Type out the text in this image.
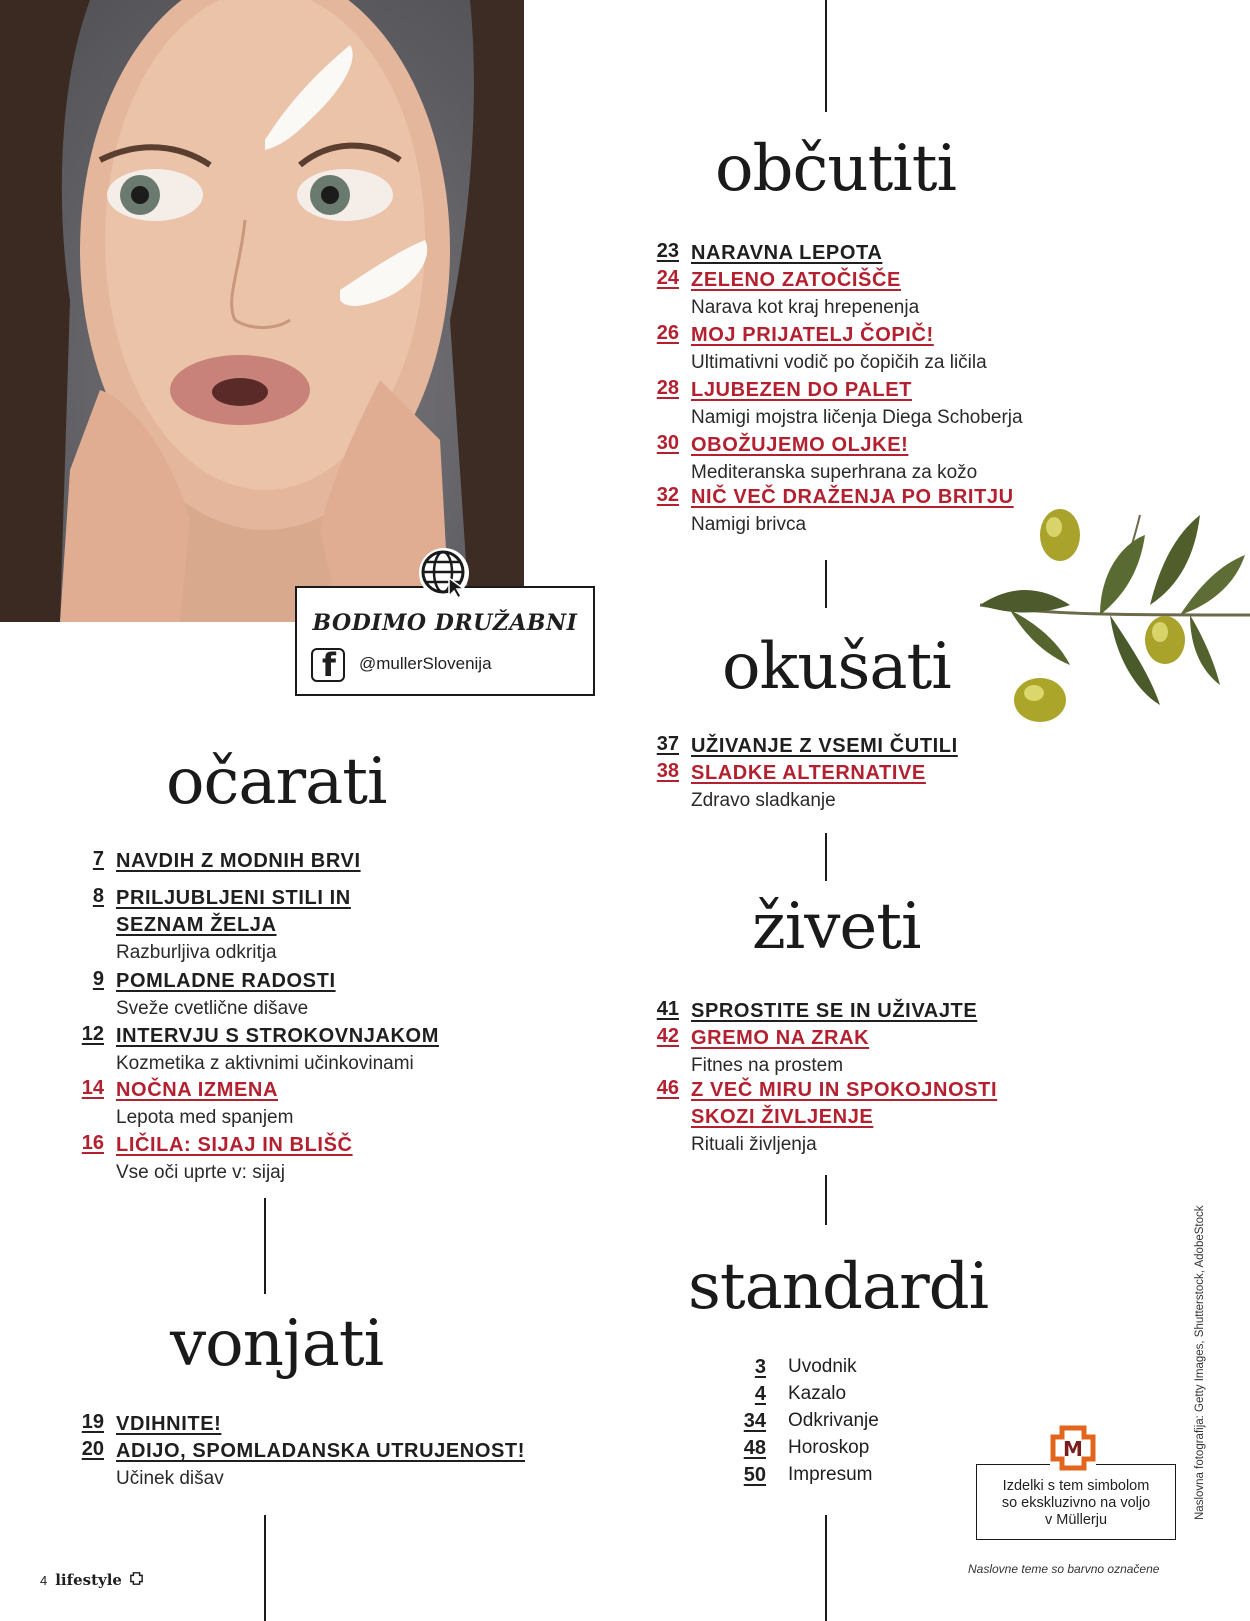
BODIMO DRUŽABNI
f @mullerSlovenija
občutiti
23 NARAVNA LEPOTA
24 ZELENO ZATOČIŠČE
Narava kot kraj hrepenenja
26 MOJ PRIJATELJ ČOPIČ!
Ultimativni vodič po čopičih za ličila
28 LJUBEZEN DO PALET
Namigi mojstra ličenja Diega Schoberja
30 OBOŽUJEMO OLJKE!
Mediteranska superhrana za kožo
32 NIČ VEČ DRAŽENJA PO BRITJU
Namigi brivca
okušati
37 UŽIVANJE Z VSEMI ČUTILI
38 SLADKE ALTERNATIVE
Zdravo sladkanje
živeti
41 SPROSTITE SE IN UŽIVAJTE
42 GREMO NA ZRAK
Fitnes na prostem
46 Z VEČ MIRU IN SPOKOJNOSTI
SKOZI ŽIVLJENJE
Rituali življenja
standardi
3 Uvodnik
4 Kazalo
34 Odkrivanje
48 Horoskop
50 Impresum
očarati
7 NAVDIH Z MODNIH BRVI
8 PRILJUBLJENI STILI IN
SEZNAM ŽELJA
Razburljiva odkritja
9 POMLADNE RADOSTI
Sveže cvetlične dišave
12 INTERVJU S STROKOVNJAKOM
Kozmetika z aktivnimi učinkovinami
14 NOČNA IZMENA
Lepota med spanjem
16 LIČILA: SIJAJ IN BLIŠČ
Vse oči uprte v: sijaj
vonjati
19 VDIHNITE!
20 ADIJO, SPOMLADANSKA UTRUJENOST!
Učinek dišav	Izdelki s tem simbolom
so ekskluzivno na voljo
v Müllerju
M	Naslovna fotografija: Getty Images, Shutterstock, AdobeStock
Naslovne teme so barvno označene
4 lifestyle
